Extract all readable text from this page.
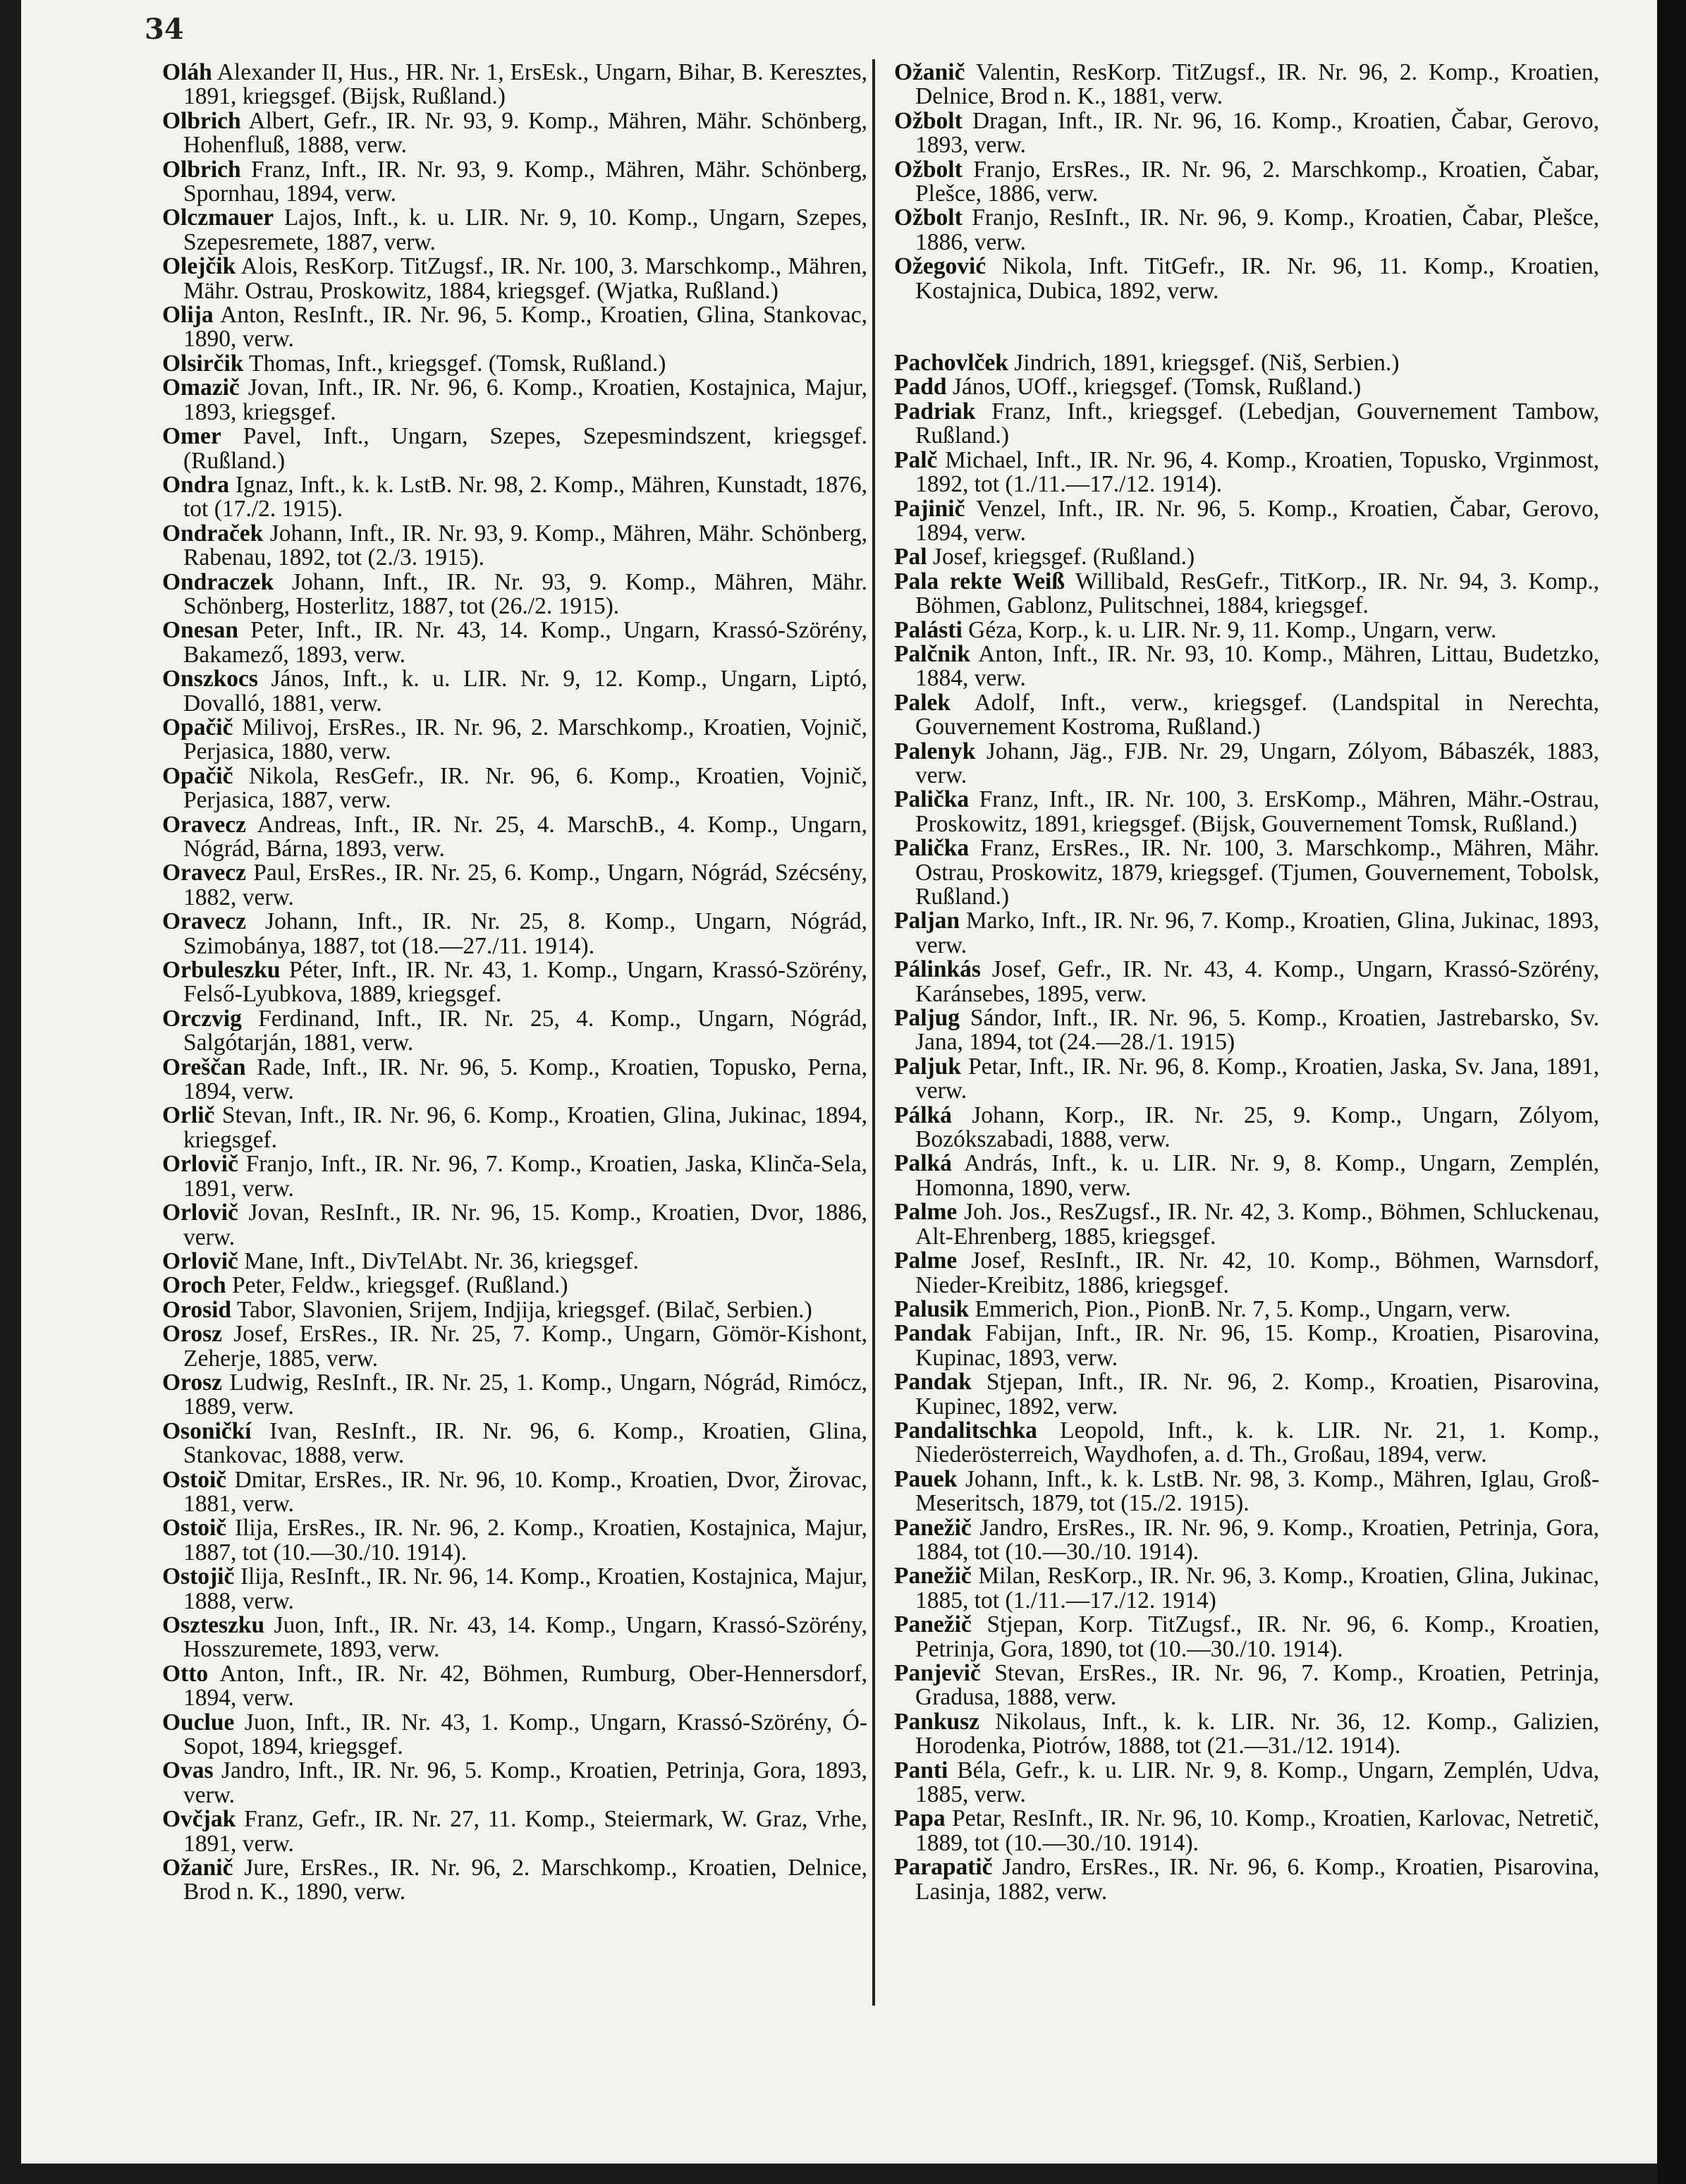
34

Oláh Alexander II, Hus., HR. Nr. 1, ErsEsk., Ungarn, Bihar, B. Keresztes, 1891, kriegsgef. (Bijsk, Rußland.)

Olbrich Albert, Gefr., IR. Nr. 93, 9. Komp., Mähren, Mähr. Schönberg, Hohenfluß, 1888, verw.

Olbrich Franz, Inft., IR. Nr. 93, 9. Komp., Mähren, Mähr. Schönberg, Spornhau, 1894, verw.

Olczmauer Lajos, Inft., k. u. LIR. Nr. 9, 10. Komp., Ungarn, Szepes, Szepesremete, 1887, verw.

Olejčik Alois, ResKorp. TitZugsf., IR. Nr. 100, 3. Marschkomp., Mähren, Mähr. Ostrau, Proskowitz, 1884, kriegsgef. (Wjatka, Rußland.)

Olija Anton, ResInft., IR. Nr. 96, 5. Komp., Kroatien, Glina, Stankovac, 1890, verw.

Olsirčik Thomas, Inft., kriegsgef. (Tomsk, Rußland.)

Omazič Jovan, Inft., IR. Nr. 96, 6. Komp., Kroatien, Kostajnica, Majur, 1893, kriegsgef.

Omer Pavel, Inft., Ungarn, Szepes, Szepesmindszent, kriegsgef. (Rußland.)

Ondra Ignaz, Inft., k. k. LstB. Nr. 98, 2. Komp., Mähren, Kunstadt, 1876, tot (17./2. 1915).

Ondraček Johann, Inft., IR. Nr. 93, 9. Komp., Mähren, Mähr. Schönberg, Rabenau, 1892, tot (2./3. 1915).

Ondraczek Johann, Inft., IR. Nr. 93, 9. Komp., Mähren, Mähr. Schönberg, Hosterlitz, 1887, tot (26./2. 1915).

Onesan Peter, Inft., IR. Nr. 43, 14. Komp., Ungarn, Krassó-Szörény, Bakamező, 1893, verw.

Onszkocs János, Inft., k. u. LIR. Nr. 9, 12. Komp., Ungarn, Liptó, Dovalló, 1881, verw.

Opačič Milivoj, ErsRes., IR. Nr. 96, 2. Marschkomp., Kroatien, Vojnič, Perjasica, 1880, verw.

Opačič Nikola, ResGefr., IR. Nr. 96, 6. Komp., Kroatien, Vojnič, Perjasica, 1887, verw.

Oravecz Andreas, Inft., IR. Nr. 25, 4. MarschB., 4. Komp., Ungarn, Nógrád, Bárna, 1893, verw.

Oravecz Paul, ErsRes., IR. Nr. 25, 6. Komp., Ungarn, Nógrád, Szécsény, 1882, verw.

Oravecz Johann, Inft., IR. Nr. 25, 8. Komp., Ungarn, Nógrád, Szimobánya, 1887, tot (18.—27./11. 1914).

Orbuleszku Péter, Inft., IR. Nr. 43, 1. Komp., Ungarn, Krassó-Szörény, Felső-Lyubkova, 1889, kriegsgef.

Orczvig Ferdinand, Inft., IR. Nr. 25, 4. Komp., Ungarn, Nógrád, Salgótarján, 1881, verw.

Oreščan Rade, Inft., IR. Nr. 96, 5. Komp., Kroatien, Topusko, Perna, 1894, verw.

Orlič Stevan, Inft., IR. Nr. 96, 6. Komp., Kroatien, Glina, Jukinac, 1894, kriegsgef.

Orlovič Franjo, Inft., IR. Nr. 96, 7. Komp., Kroatien, Jaska, Klinča-Sela, 1891, verw.

Orlovič Jovan, ResInft., IR. Nr. 96, 15. Komp., Kroatien, Dvor, 1886, verw.

Orlovič Mane, Inft., DivTelAbt. Nr. 36, kriegsgef.

Oroch Peter, Feldw., kriegsgef. (Rußland.)

Orosid Tabor, Slavonien, Srijem, Indjija, kriegsgef. (Bilač, Serbien.)

Orosz Josef, ErsRes., IR. Nr. 25, 7. Komp., Ungarn, Gömör-Kishont, Zeherje, 1885, verw.

Orosz Ludwig, ResInft., IR. Nr. 25, 1. Komp., Ungarn, Nógrád, Rimócz, 1889, verw.

Osoničkí Ivan, ResInft., IR. Nr. 96, 6. Komp., Kroatien, Glina, Stankovac, 1888, verw.

Ostoič Dmitar, ErsRes., IR. Nr. 96, 10. Komp., Kroatien, Dvor, Žirovac, 1881, verw.

Ostoič Ilija, ErsRes., IR. Nr. 96, 2. Komp., Kroatien, Kostajnica, Majur, 1887, tot (10.—30./10. 1914).

Ostojič Ilija, ResInft., IR. Nr. 96, 14. Komp., Kroatien, Kostajnica, Majur, 1888, verw.

Oszteszku Juon, Inft., IR. Nr. 43, 14. Komp., Ungarn, Krassó-Szörény, Hosszuremete, 1893, verw.

Otto Anton, Inft., IR. Nr. 42, Böhmen, Rumburg, Ober-Hennersdorf, 1894, verw.

Ouclue Juon, Inft., IR. Nr. 43, 1. Komp., Ungarn, Krassó-Szörény, Ó-Sopot, 1894, kriegsgef.

Ovas Jandro, Inft., IR. Nr. 96, 5. Komp., Kroatien, Petrinja, Gora, 1893, verw.

Ovčjak Franz, Gefr., IR. Nr. 27, 11. Komp., Steiermark, W. Graz, Vrhe, 1891, verw.

Ožanič Jure, ErsRes., IR. Nr. 96, 2. Marschkomp., Kroatien, Delnice, Brod n. K., 1890, verw.

Ožanič Valentin, ResKorp. TitZugsf., IR. Nr. 96, 2. Komp., Kroatien, Delnice, Brod n. K., 1881, verw.

Ožbolt Dragan, Inft., IR. Nr. 96, 16. Komp., Kroatien, Čabar, Gerovo, 1893, verw.

Ožbolt Franjo, ErsRes., IR. Nr. 96, 2. Marschkomp., Kroatien, Čabar, Plešce, 1886, verw.

Ožbolt Franjo, ResInft., IR. Nr. 96, 9. Komp., Kroatien, Čabar, Plešce, 1886, verw.

Ožegović Nikola, Inft. TitGefr., IR. Nr. 96, 11. Komp., Kroatien, Kostajnica, Dubica, 1892, verw.

Pachovlček Jindrich, 1891, kriegsgef. (Niš, Serbien.)

Padd János, UOff., kriegsgef. (Tomsk, Rußland.)

Padriak Franz, Inft., kriegsgef. (Lebedjan, Gouvernement Tambow, Rußland.)

Palč Michael, Inft., IR. Nr. 96, 4. Komp., Kroatien, Topusko, Vrginmost, 1892, tot (1./11.—17./12. 1914).

Pajinič Venzel, Inft., IR. Nr. 96, 5. Komp., Kroatien, Čabar, Gerovo, 1894, verw.

Pal Josef, kriegsgef. (Rußland.)

Pala rekte Weiß Willibald, ResGefr., TitKorp., IR. Nr. 94, 3. Komp., Böhmen, Gablonz, Pulitschnei, 1884, kriegsgef.

Palásti Géza, Korp., k. u. LIR. Nr. 9, 11. Komp., Ungarn, verw.

Palčnik Anton, Inft., IR. Nr. 93, 10. Komp., Mähren, Littau, Budetzko, 1884, verw.

Palek Adolf, Inft., verw., kriegsgef. (Landspital in Nerechta, Gouvernement Kostroma, Rußland.)

Palenyk Johann, Jäg., FJB. Nr. 29, Ungarn, Zólyom, Bábaszék, 1883, verw.

Palička Franz, Inft., IR. Nr. 100, 3. ErsKomp., Mähren, Mähr.-Ostrau, Proskowitz, 1891, kriegsgef. (Bijsk, Gouvernement Tomsk, Rußland.)

Palička Franz, ErsRes., IR. Nr. 100, 3. Marschkomp., Mähren, Mähr. Ostrau, Proskowitz, 1879, kriegsgef. (Tjumen, Gouvernement, Tobolsk, Rußland.)

Paljan Marko, Inft., IR. Nr. 96, 7. Komp., Kroatien, Glina, Jukinac, 1893, verw.

Pálinkás Josef, Gefr., IR. Nr. 43, 4. Komp., Ungarn, Krassó-Szörény, Karánsebes, 1895, verw.

Paljug Sándor, Inft., IR. Nr. 96, 5. Komp., Kroatien, Jastrebarsko, Sv. Jana, 1894, tot (24.—28./1. 1915)

Paljuk Petar, Inft., IR. Nr. 96, 8. Komp., Kroatien, Jaska, Sv. Jana, 1891, verw.

Pálká Johann, Korp., IR. Nr. 25, 9. Komp., Ungarn, Zólyom, Bozókszabadi, 1888, verw.

Palká András, Inft., k. u. LIR. Nr. 9, 8. Komp., Ungarn, Zemplén, Homonna, 1890, verw.

Palme Joh. Jos., ResZugsf., IR. Nr. 42, 3. Komp., Böhmen, Schluckenau, Alt-Ehrenberg, 1885, kriegsgef.

Palme Josef, ResInft., IR. Nr. 42, 10. Komp., Böhmen, Warnsdorf, Nieder-Kreibitz, 1886, kriegsgef.

Palusik Emmerich, Pion., PionB. Nr. 7, 5. Komp., Ungarn, verw.

Pandak Fabijan, Inft., IR. Nr. 96, 15. Komp., Kroatien, Pisarovina, Kupinac, 1893, verw.

Pandak Stjepan, Inft., IR. Nr. 96, 2. Komp., Kroatien, Pisarovina, Kupinec, 1892, verw.

Pandalitschka Leopold, Inft., k. k. LIR. Nr. 21, 1. Komp., Niederösterreich, Waydhofen, a. d. Th., Großau, 1894, verw.

Pauek Johann, Inft., k. k. LstB. Nr. 98, 3. Komp., Mähren, Iglau, Groß-Meseritsch, 1879, tot (15./2. 1915).

Panežič Jandro, ErsRes., IR. Nr. 96, 9. Komp., Kroatien, Petrinja, Gora, 1884, tot (10.—30./10. 1914).

Panežič Milan, ResKorp., IR. Nr. 96, 3. Komp., Kroatien, Glina, Jukinac, 1885, tot (1./11.—17./12. 1914)

Panežič Stjepan, Korp. TitZugsf., IR. Nr. 96, 6. Komp., Kroatien, Petrinja, Gora, 1890, tot (10.—30./10. 1914).

Panjevič Stevan, ErsRes., IR. Nr. 96, 7. Komp., Kroatien, Petrinja, Gradusa, 1888, verw.

Pankusz Nikolaus, Inft., k. k. LIR. Nr. 36, 12. Komp., Galizien, Horodenka, Piotrów, 1888, tot (21.—31./12. 1914).

Panti Béla, Gefr., k. u. LIR. Nr. 9, 8. Komp., Ungarn, Zemplén, Udva, 1885, verw.

Papa Petar, ResInft., IR. Nr. 96, 10. Komp., Kroatien, Karlovac, Netretič, 1889, tot (10.—30./10. 1914).

Parapatič Jandro, ErsRes., IR. Nr. 96, 6. Komp., Kroatien, Pisarovina, Lasinja, 1882, verw.
